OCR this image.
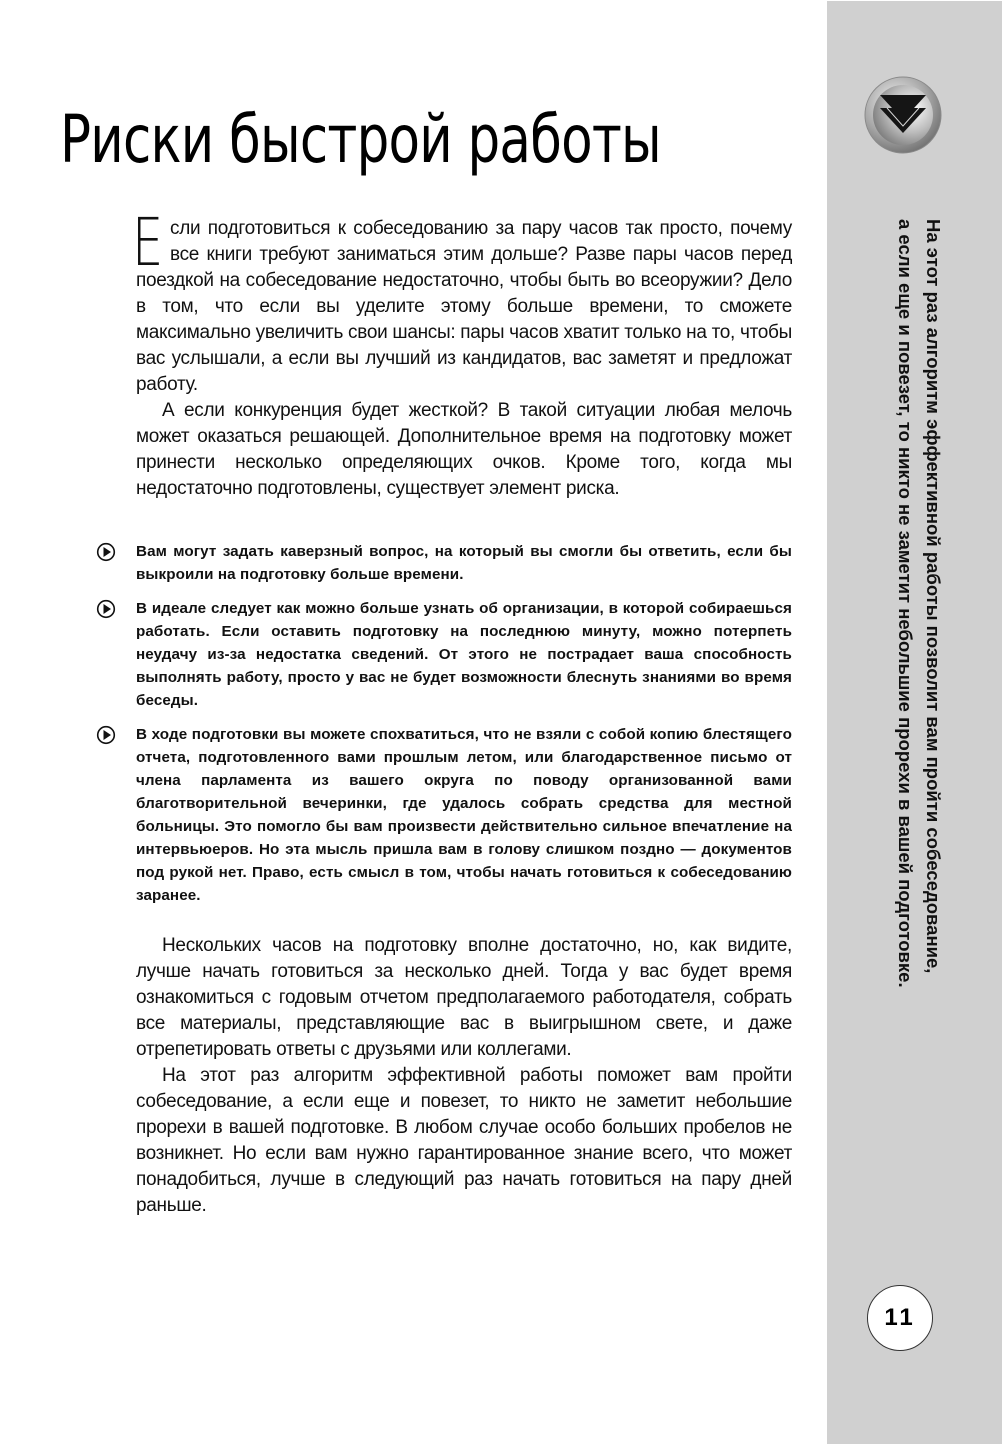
Риски быстрой работы

Если подготовиться к собеседованию за пару часов так просто, почему все книги требуют заниматься этим дольше? Разве пары часов перед поездкой на собеседование недостаточно, чтобы быть во всеоружии? Дело в том, что если вы уделите этому больше времени, то сможете максимально увеличить свои шансы: пары часов хватит только на то, чтобы вас услышали, а если вы лучший из кандидатов, вас заметят и предложат работу.

А если конкуренция будет жесткой? В такой ситуации любая мелочь может оказаться решающей. Дополнительное время на подготовку может принести несколько определяющих очков. Кроме того, когда мы недостаточно подготовлены, существует элемент риска.

Вам могут задать каверзный вопрос, на который вы смогли бы ответить, если бы выкроили на подготовку больше времени.
В идеале следует как можно больше узнать об организации, в которой собираешься работать. Если оставить подготовку на последнюю минуту, можно потерпеть неудачу из-за недостатка сведений. От этого не пострадает ваша способность выполнять работу, просто у вас не будет возможности блеснуть знаниями во время беседы.
В ходе подготовки вы можете спохватиться, что не взяли с собой копию блестящего отчета, подготовленного вами прошлым летом, или благодарственное письмо от члена парламента из вашего округа по поводу организованной вами благотворительной вечеринки, где удалось собрать средства для местной больницы. Это помогло бы вам произвести действительно сильное впечатление на интервьюеров. Но эта мысль пришла вам в голову слишком поздно — документов под рукой нет. Право, есть смысл в том, чтобы начать готовиться к собеседованию заранее.

Нескольких часов на подготовку вполне достаточно, но, как видите, лучше начать готовиться за несколько дней. Тогда у вас будет время ознакомиться с годовым отчетом предполагаемого работодателя, собрать все материалы, представляющие вас в выигрышном свете, и даже отрепетировать ответы с друзьями или коллегами.

На этот раз алгоритм эффективной работы поможет вам пройти собеседование, а если еще и повезет, то никто не заметит небольшие прорехи в вашей подготовке. В любом случае особо больших пробелов не возникнет. Но если вам нужно гарантированное знание всего, что может понадобиться, лучше в следующий раз начать готовиться на пару дней раньше.

На этот раз алгоритм эффективной работы позволит вам пройти собеседование,
а если еще и повезет, то никто не заметит небольшие прорехи в вашей подготовке.
11
